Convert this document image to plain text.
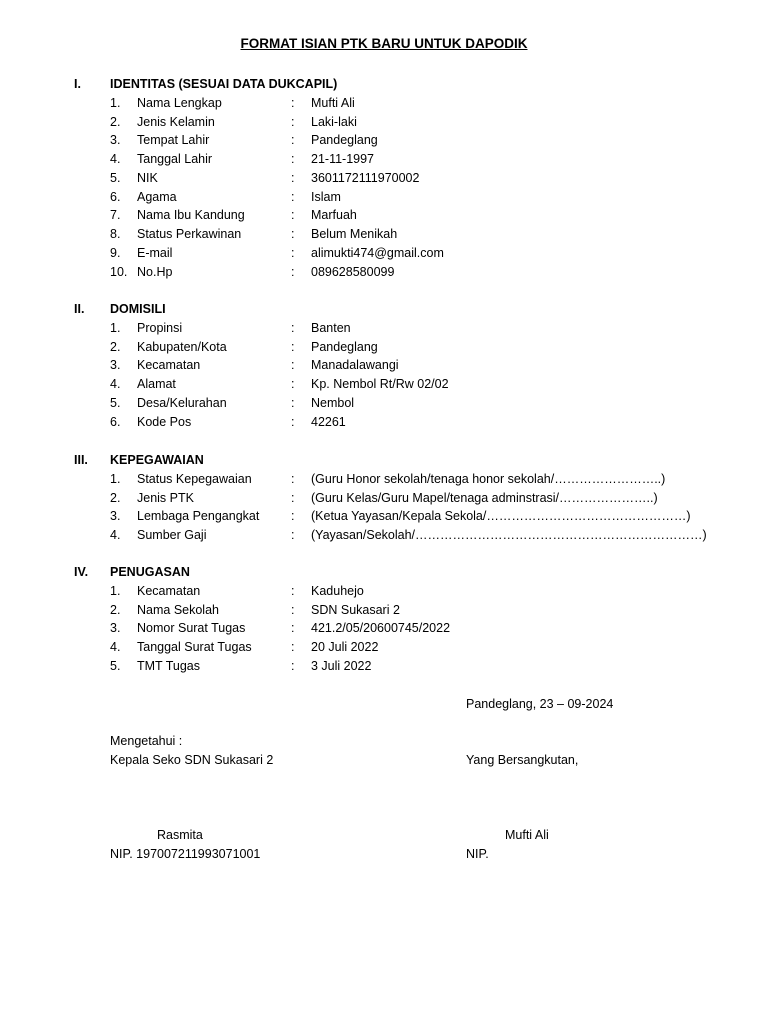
FORMAT ISIAN PTK BARU UNTUK DAPODIK
I. IDENTITAS (SESUAI DATA DUKCAPIL)
1. Nama Lengkap	: Mufti Ali
2. Jenis Kelamin	: Laki-laki
3. Tempat Lahir	: Pandeglang
4. Tanggal Lahir	: 21-11-1997
5. NIK	: 3601172111970002
6. Agama	: Islam
7. Nama Ibu Kandung	: Marfuah
8. Status Perkawinan	: Belum Menikah
9. E-mail	: alimukti474@gmail.com
10. No.Hp	: 089628580099
II. DOMISILI
1. Propinsi	: Banten
2. Kabupaten/Kota	: Pandeglang
3. Kecamatan	: Manadalawangi
4. Alamat	: Kp. Nembol Rt/Rw 02/02
5. Desa/Kelurahan	: Nembol
6. Kode Pos	: 42261
III. KEPEGAWAIAN
1. Status Kepegawaian	: (Guru Honor sekolah/tenaga honor sekolah/……………………..)
2. Jenis PTK	: (Guru Kelas/Guru Mapel/tenaga adminstrasi/…………………..)
3. Lembaga Pengangkat	: (Ketua Yayasan/Kepala Sekola/…………………………………………)
4. Sumber Gaji	: (Yayasan/Sekolah/……………………………………………………………)
IV. PENUGASAN
1. Kecamatan	: Kaduhejo
2. Nama Sekolah	: SDN Sukasari 2
3. Nomor Surat Tugas	: 421.2/05/20600745/2022
4. Tanggal Surat Tugas	: 20 Juli 2022
5. TMT Tugas	: 3 Juli 2022
Pandeglang, 23 – 09-2024
Mengetahui :
Kepala Seko SDN Sukasari 2	Yang Bersangkutan,
Rasmita	Mufti Ali
NIP. 197007211993071001	NIP.
